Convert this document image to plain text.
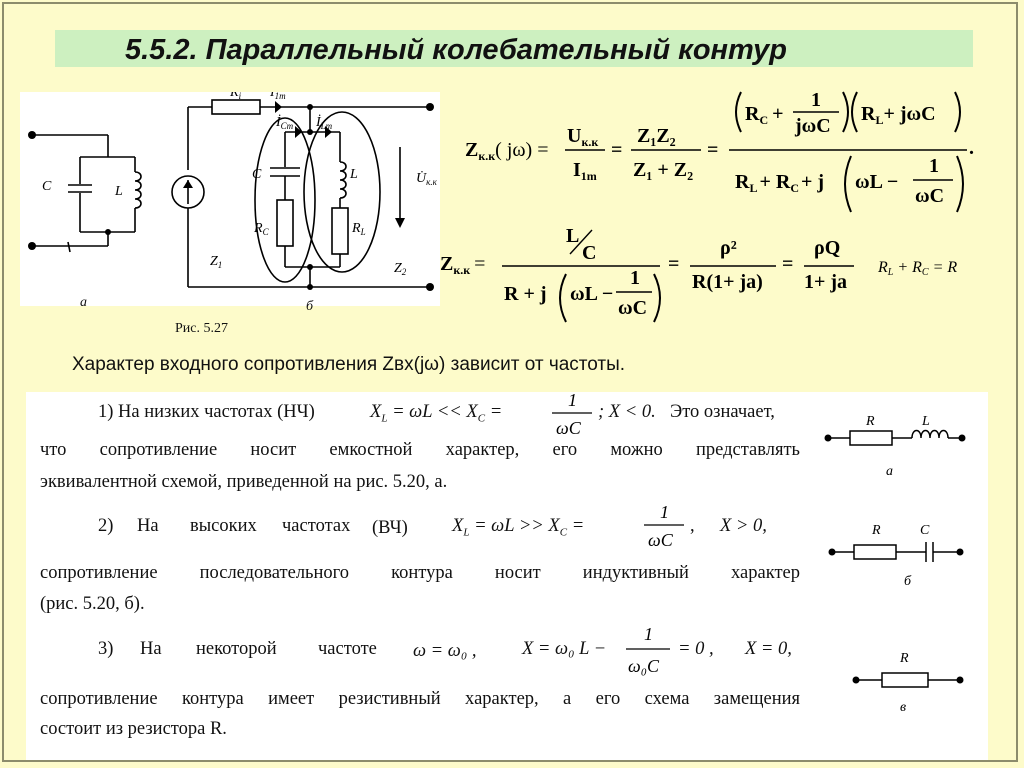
5.5.2. Параллельный колебательный контур
C	L
$R_i$ $İ_{1m}$
$İ_{Cm}$ $İ_{Lm}$
C	L
$R_C$	$R_L$
$Z_1$	$Z_2$
$U̇_{к.к}$
а	б
Рис. 5.27
$Z_{к.к}$( jω) =
$U_{к.к}$
$I_{1m}$
=
Z₁Z₂
Z₁ + Z₂
=
$R_C$ +
1
jωC
$R_L+ j\omega C$
.
$R_L + R_C + j$ ωL −
1
ωC
$Z_{к.к}$ =
L
C
R + j ωL −
1
ωC
=
ρ²
R(1+ ja)
=
ρQ
1+ ja
RL + RC = R
Характер входного сопротивления Zвх(jω) зависит от частоты.
1) На низких частотах (НЧ)	$X_L = \omega L << X_C$ =
1
ωC
; X < 0. Это означает,
что сопротивление носит емкостной характер, его можно представлять
эквивалентной схемой, приведенной на рис. 5.20, а.
2) На высоких частотах (ВЧ) $X_L = \omega L >> X_C$ =
1
ωC
, X > 0,
сопротивление последовательного контура носит индуктивный характер
(рис. 5.20, б).
3) На некоторой частоте ω = ω₀ , X = ω₀ L −
1
ω₀C
= 0 , X = 0,
сопротивление контура имеет резистивный характер, а его схема замещения
состоит из резистора R.
R	L
а
R	C
б
R
в
